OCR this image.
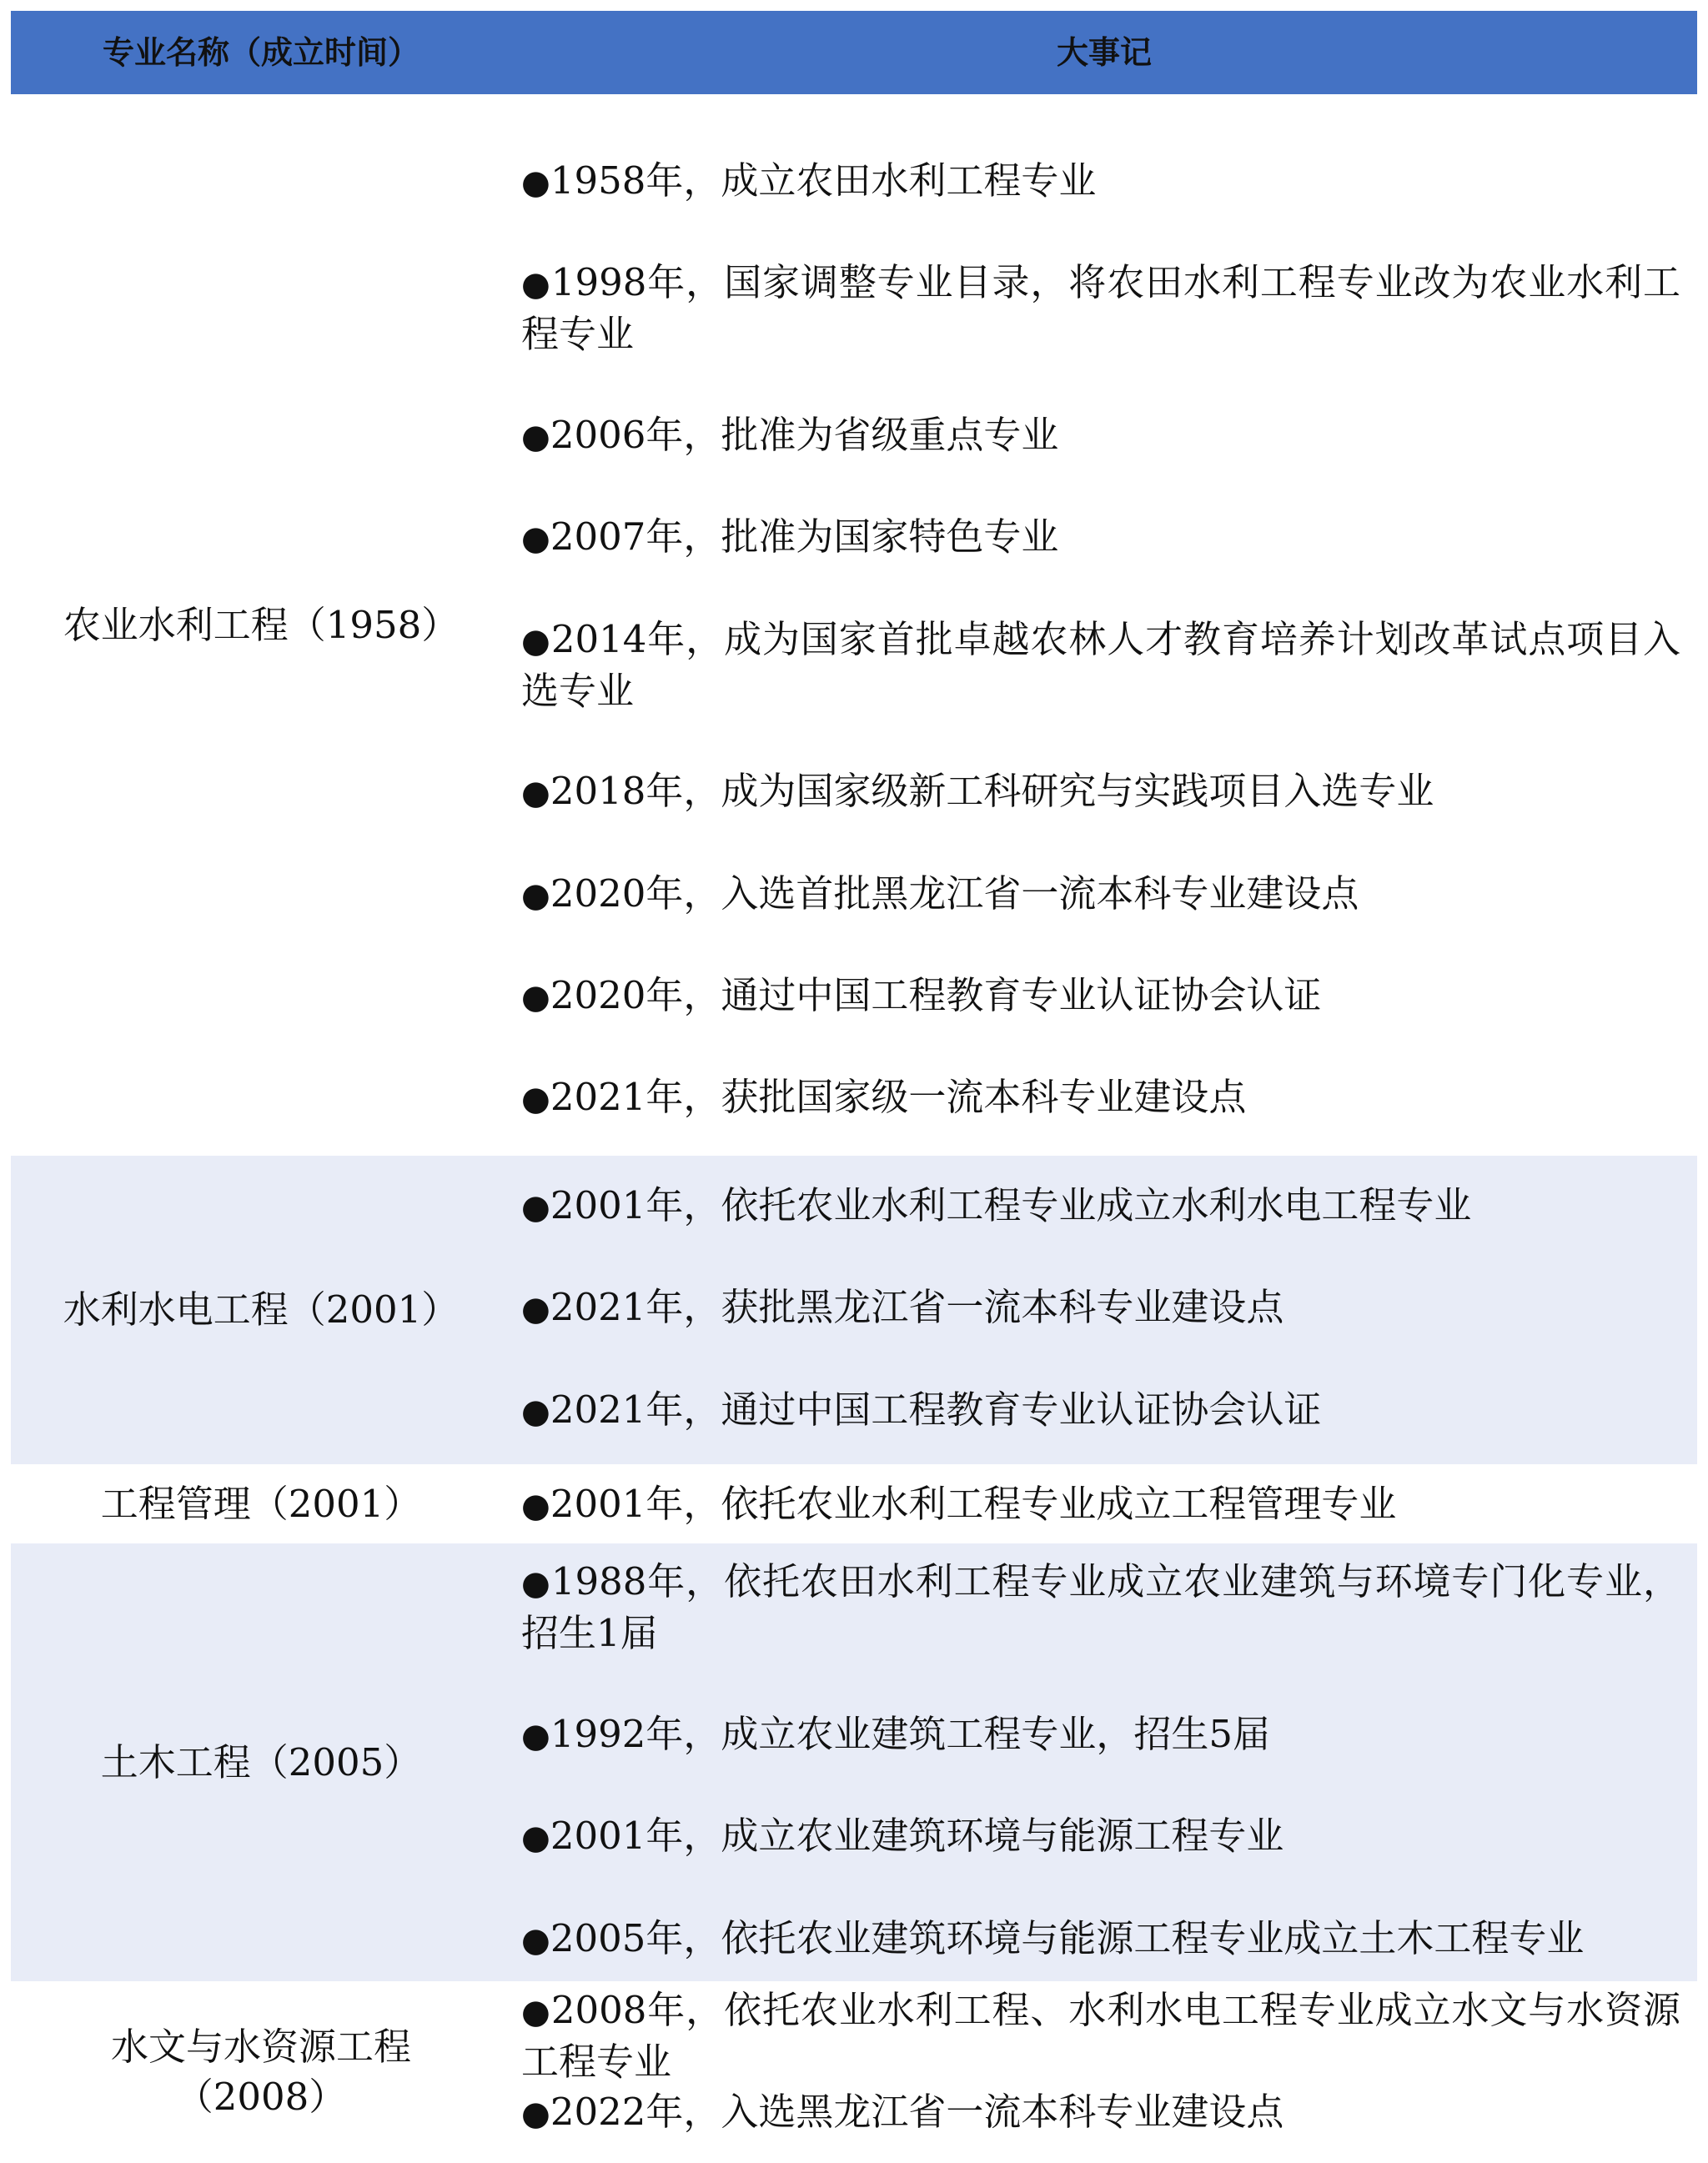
专业名称（成立时间）	大事记
农业水利工程（1958）
●1958年，成立农田水利工程专业
●1998年，国家调整专业目录，将农田水利工程专业改为农业水利工程专业
●2006年，批准为省级重点专业
●2007年，批准为国家特色专业
●2014年，成为国家首批卓越农林人才教育培养计划改革试点项目入选专业
●2018年，成为国家级新工科研究与实践项目入选专业
●2020年，入选首批黑龙江省一流本科专业建设点
●2020年，通过中国工程教育专业认证协会认证
●2021年，获批国家级一流本科专业建设点
水利水电工程（2001）
●2001年，依托农业水利工程专业成立水利水电工程专业
●2021年，获批黑龙江省一流本科专业建设点
●2021年，通过中国工程教育专业认证协会认证
工程管理（2001）	●2001年，依托农业水利工程专业成立工程管理专业
土木工程（2005）
●1988年，依托农田水利工程专业成立农业建筑与环境专门化专业，招生1届
●1992年，成立农业建筑工程专业，招生5届
●2001年，成立农业建筑环境与能源工程专业
●2005年，依托农业建筑环境与能源工程专业成立土木工程专业
水文与水资源工程（2008）
●2008年，依托农业水利工程、水利水电工程专业成立水文与水资源工程专业
●2022年，入选黑龙江省一流本科专业建设点
